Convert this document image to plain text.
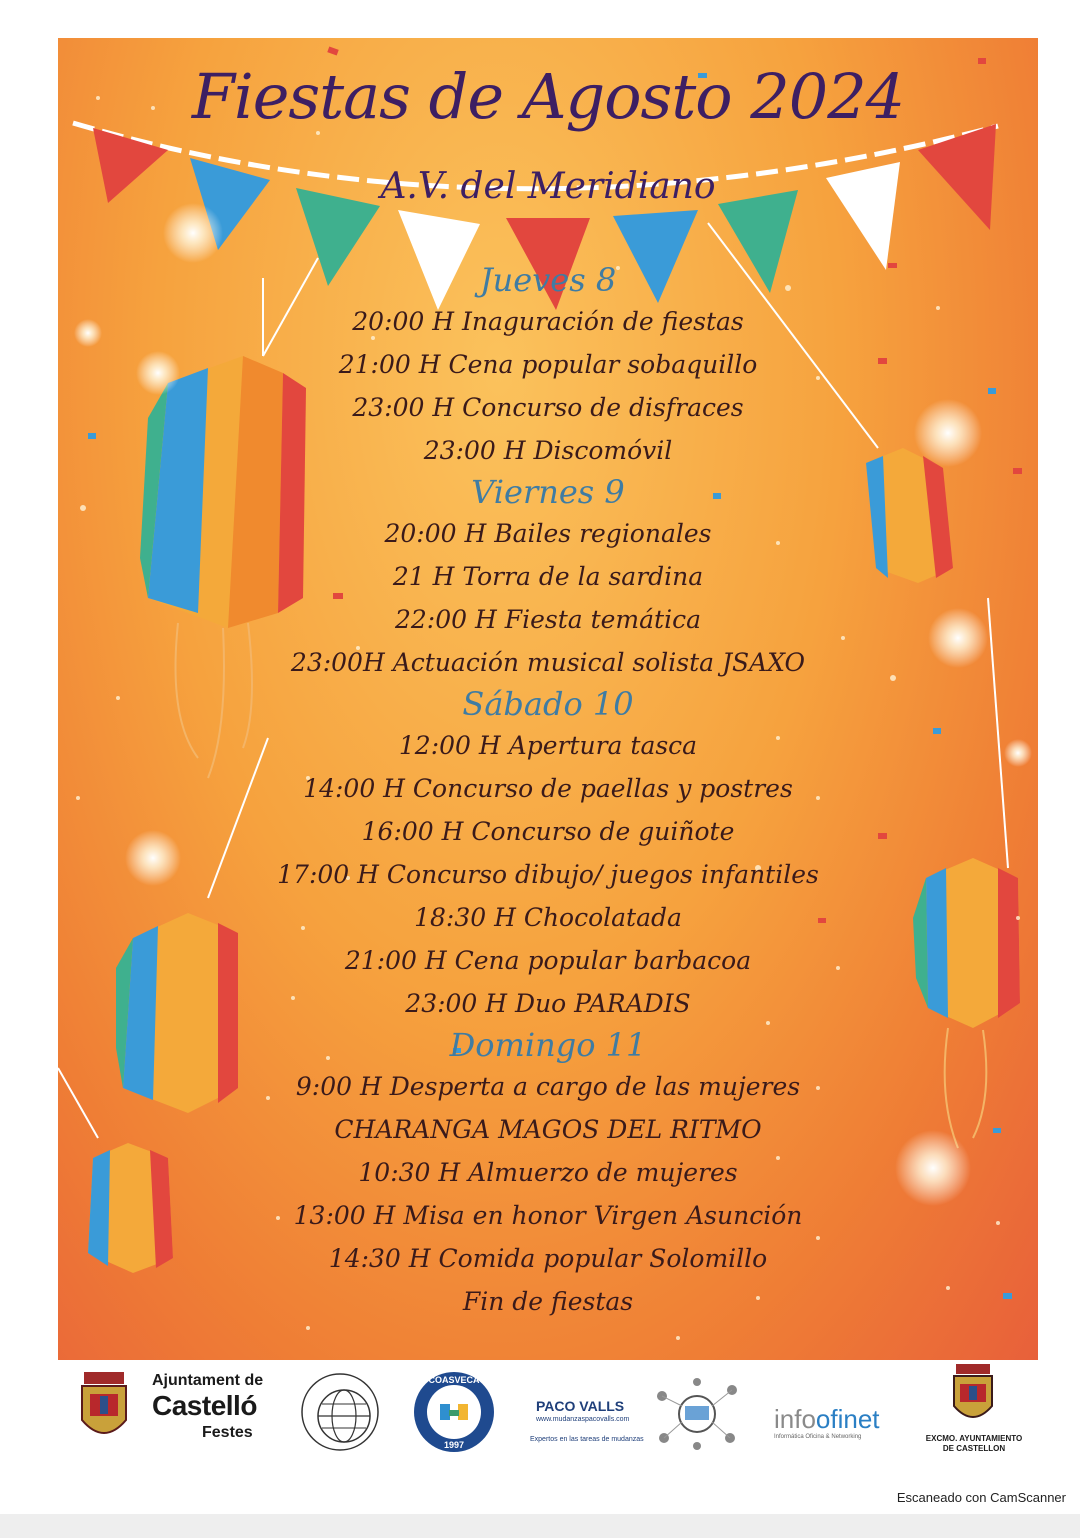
Fiestas de Agosto 2024
A.V. del Meridiano

Jueves 8

20:00 H Inaguración de fiestas

21:00 H Cena popular sobaquillo

23:00 H Concurso de disfraces

23:00 H Discomóvil

Viernes 9

20:00 H Bailes regionales

21 H Torra de la sardina

22:00 H Fiesta temática

23:00H Actuación musical solista JSAXO

Sábado 10

12:00 H Apertura tasca

14:00 H Concurso de paellas y postres

16:00 H Concurso de guiñote

17:00 H Concurso dibujo/ juegos infantiles

18:30 H Chocolatada

21:00 H Cena popular barbacoa

23:00 H Duo PARADIS

Domingo 11

9:00 H Desperta a cargo de las mujeres

CHARANGA MAGOS DEL RITMO

10:30 H Almuerzo de mujeres

13:00 H Misa en honor Virgen Asunción

14:30 H Comida popular Solomillo

Fin de fiestas

Ajuntament de
Castelló
Festes
COASVECA
1997
PACO VALLS
www.mudanzaspacovalls.com
Expertos en las tareas de mudanzas
infoofinet
Informática Oficina & Networking	EXCMO. AYUNTAMIENTO
DE CASTELLON
Escaneado con CamScanner
